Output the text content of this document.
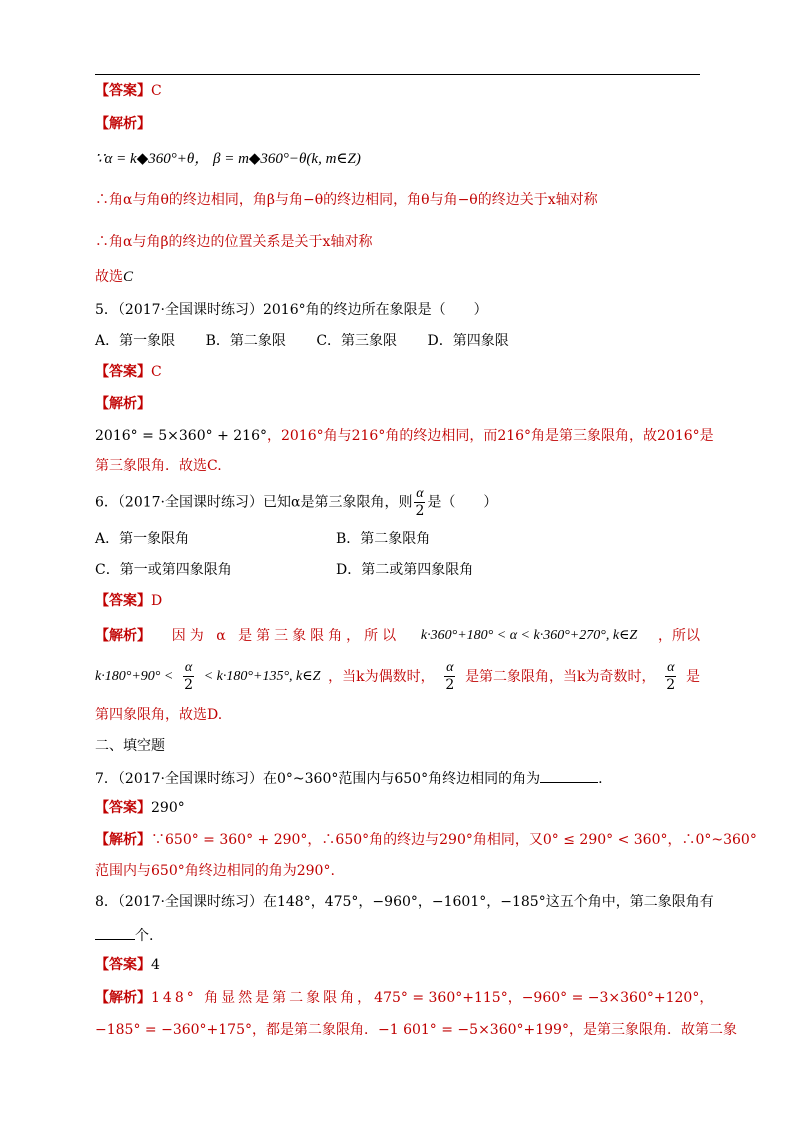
【答案】C
【解析】
∵α = k◆360°+θ， β = m◆360°−θ(k, m∈Z)
∴角α与角θ的终边相同，角β与角−θ的终边相同，角θ与角−θ的终边关于x轴对称
∴角α与角β的终边的位置关系是关于x轴对称
故选C
5．（2017·全国课时练习）2016°角的终边所在象限是（　　）
A．第一象限 B．第二象限 C．第三象限 D．第四象限
【答案】C
【解析】
2016° = 5×360° + 216°，2016°角与216°角的终边相同，而216°角是第三象限角，故2016°是
第三象限角．故选C.
6．（2017·全国课时练习）已知α是第三象限角，则 $\frac{\alpha}{2}$ 是（　　）
A．第一象限角	B．第二象限角
C．第一或第四象限角	D．第二或第四象限角
【答案】D
【解析】 因为 α 是第三象限角，所以 k·360°+180° < α < k·360°+270°, k∈Z ，所以
$k\cdot 180^\circ+90^\circ < \frac{\alpha}{2} < k\cdot 180^\circ+135^\circ$, k∈Z ，当k为偶数时， $\frac{\alpha}{2}$ 是第二象限角，当k为奇数时， $\frac{\alpha}{2}$ 是
第四象限角，故选D.
二、填空题
7．（2017·全国课时练习）在0°~360°范围内与650°角终边相同的角为	.
【答案】290°
【解析】∵650° = 360° + 290°，∴650°角的终边与290°角相同，又0° ≤ 290° < 360°，∴0°~360°
范围内与650°角终边相同的角为290°.
8．（2017·全国课时练习）在148°，475°，−960°，−1601°，−185°这五个角中，第二象限角有
个.
【答案】4
【解析】 148° 角显然是第二象限角， 475° = 360°+115°， −960° = −3×360°+120°，
−185° = −360°+175°，都是第二象限角．−1 601° = −5×360°+199°，是第三象限角．故第二象
